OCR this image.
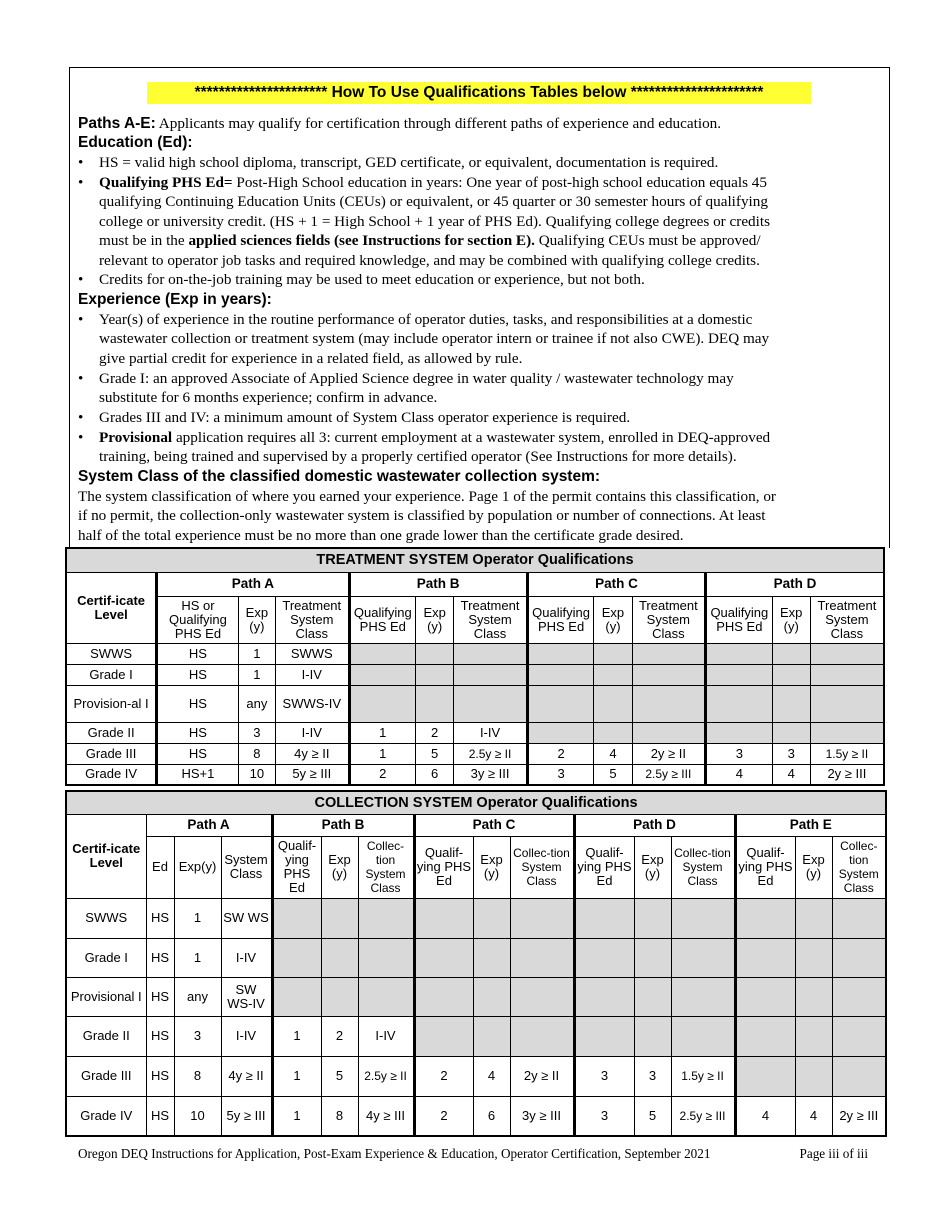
********************** How To Use Qualifications Tables below **********************
Paths A-E: Applicants may qualify for certification through different paths of experience and education.
Education (Ed):
• HS = valid high school diploma, transcript, GED certificate, or equivalent, documentation is required.
• Qualifying PHS Ed= Post-High School education in years: One year of post-high school education equals 45
qualifying Continuing Education Units (CEUs) or equivalent, or 45 quarter or 30 semester hours of qualifying
college or university credit. (HS + 1 = High School + 1 year of PHS Ed). Qualifying college degrees or credits
must be in the applied sciences fields (see Instructions for section E). Qualifying CEUs must be approved/
relevant to operator job tasks and required knowledge, and may be combined with qualifying college credits.
• Credits for on-the-job training may be used to meet education or experience, but not both.
Experience (Exp in years):
• Year(s) of experience in the routine performance of operator duties, tasks, and responsibilities at a domestic
wastewater collection or treatment system (may include operator intern or trainee if not also CWE). DEQ may
give partial credit for experience in a related field, as allowed by rule.
• Grade I: an approved Associate of Applied Science degree in water quality / wastewater technology may
substitute for 6 months experience; confirm in advance.
• Grades III and IV: a minimum amount of System Class operator experience is required.
• Provisional application requires all 3: current employment at a wastewater system, enrolled in DEQ-approved
training, being trained and supervised by a properly certified operator (See Instructions for more details).
System Class of the classified domestic wastewater collection system:
The system classification of where you earned your experience. Page 1 of the permit contains this classification, or
if no permit, the collection-only wastewater system is classified by population or number of connections. At least
half of the total experience must be no more than one grade lower than the certificate grade desired.
TREATMENT SYSTEM Operator Qualifications												
Certif-icate Level	Path A			Path B			Path C			Path D		
	HS or Qualifying PHS Ed	Exp (y)	Treatment System Class	Qualifying PHS Ed	Exp (y)	Treatment System Class	Qualifying PHS Ed	Exp (y)	Treatment System Class	Qualifying PHS Ed	Exp (y)	Treatment System Class
SWWS	HS	1	SWWS									
Grade I	HS	1	I-IV									
Provision-al I	HS	any	SWWS-IV									
Grade II	HS	3	I-IV	1	2	I-IV						
Grade III	HS	8	4y ≥ II	1	5	2.5y ≥ II	2	4	2y ≥ II	3	3	1.5y ≥ II
Grade IV	HS+1	10	5y ≥ III	2	6	3y ≥ III	3	5	2.5y ≥ III	4	4	2y ≥ III
COLLECTION SYSTEM Operator Qualifications															
Certif-icate Level	Path A			Path B			Path C			Path D			Path E		
	Ed	Exp(y)	System Class	Qualif-ying PHS Ed	Exp (y)	Collec-tion System Class	Qualif-ying PHS Ed	Exp (y)	Collec-tion System Class	Qualif-ying PHS Ed	Exp (y)	Collec-tion System Class	Qualif-ying PHS Ed	Exp (y)	Collec-tion System Class
SWWS	HS	1	SW WS												
Grade I	HS	1	I-IV												
Provisional I	HS	any	SW WS-IV												
Grade II	HS	3	I-IV	1	2	I-IV									
Grade III	HS	8	4y ≥ II	1	5	2.5y ≥ II	2	4	2y ≥ II	3	3	1.5y ≥ II			
Grade IV	HS	10	5y ≥ III	1	8	4y ≥ III	2	6	3y ≥ III	3	5	2.5y ≥ III	4	4	2y ≥ III
Oregon DEQ Instructions for Application, Post-Exam Experience & Education, Operator Certification, September 2021	Page iii of iii
